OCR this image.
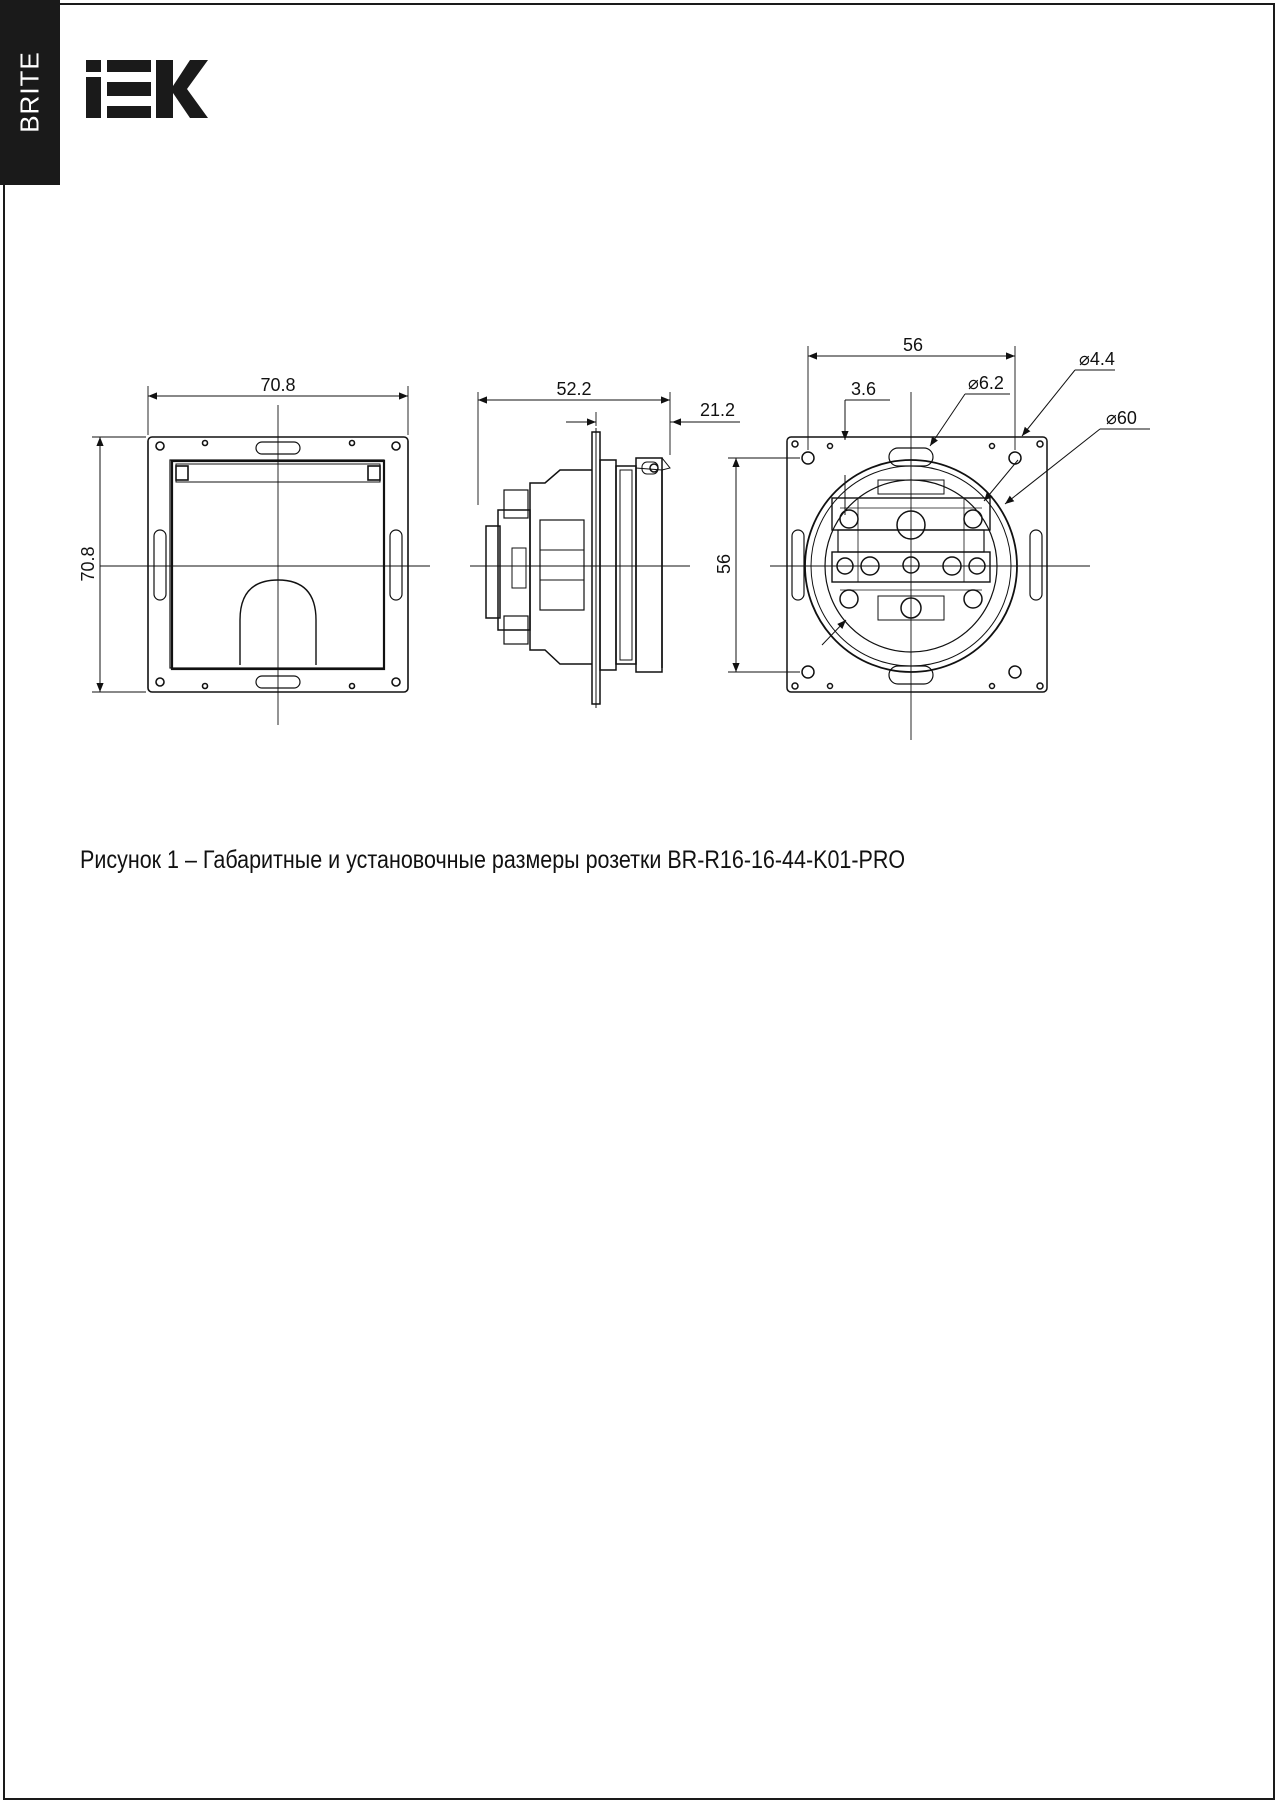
BRITE
70.8
70.8
52.2
21.2
56
56
3.6	⌀6.2
⌀4.4
⌀60
Рисунок 1 – Габаритные и установочные размеры розетки BR-R16-16-44-K01-PRO
